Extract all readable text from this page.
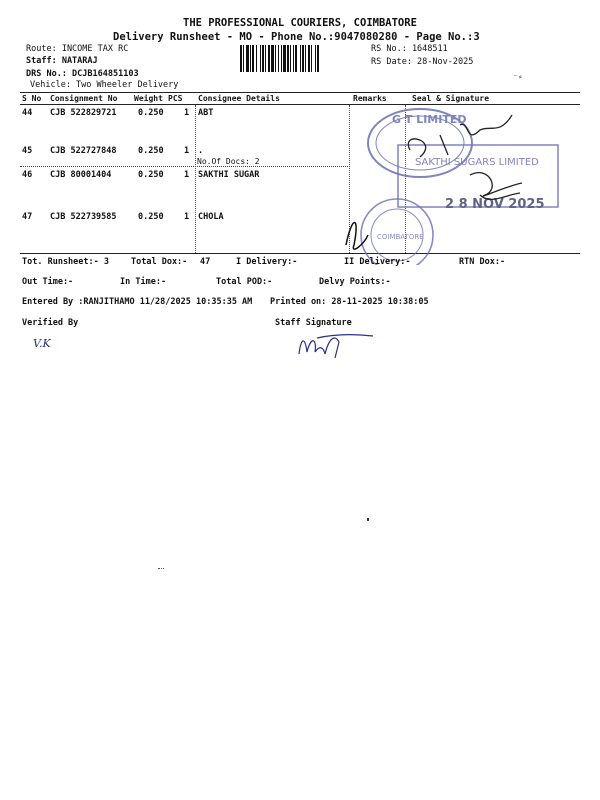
THE PROFESSIONAL COURIERS, COIMBATORE
Delivery Runsheet - MO - Phone No.:9047080280 - Page No.:3
Route: INCOME TAX RC
Staff: NATARAJ
DRS No.: DCJB164851103
Vehicle: Two Wheeler Delivery
RS No.: 1648511
RS Date: 28-Nov-2025
⁻⸗
S No Consignment No Weight PCS Consignee Details	Remarks	Seal & Signature
44 CJB 522829721	0.250 1 ABT
45 CJB 522727848	0.250 1 .
No.Of Docs: 2
46 CJB 80001404	0.250 1 SAKTHI SUGAR
47 CJB 522739585	0.250 1 CHOLA
G T LIMITED
SAKTHI SUGARS LIMITED
2 8 NOV 2025
COIMBATORE
Tot. Runsheet:- 3	Total Dox:- 47	I Delivery:-	II Delivery:-	RTN Dox:-
Out Time:-	In Time:-	Total POD:-	Delvy Points:-
Entered By :RANJITHAMO 11/28/2025 10:35:35 AM Printed on: 28-11-2025 10:38:05
Verified By	Staff Signature
V.K
